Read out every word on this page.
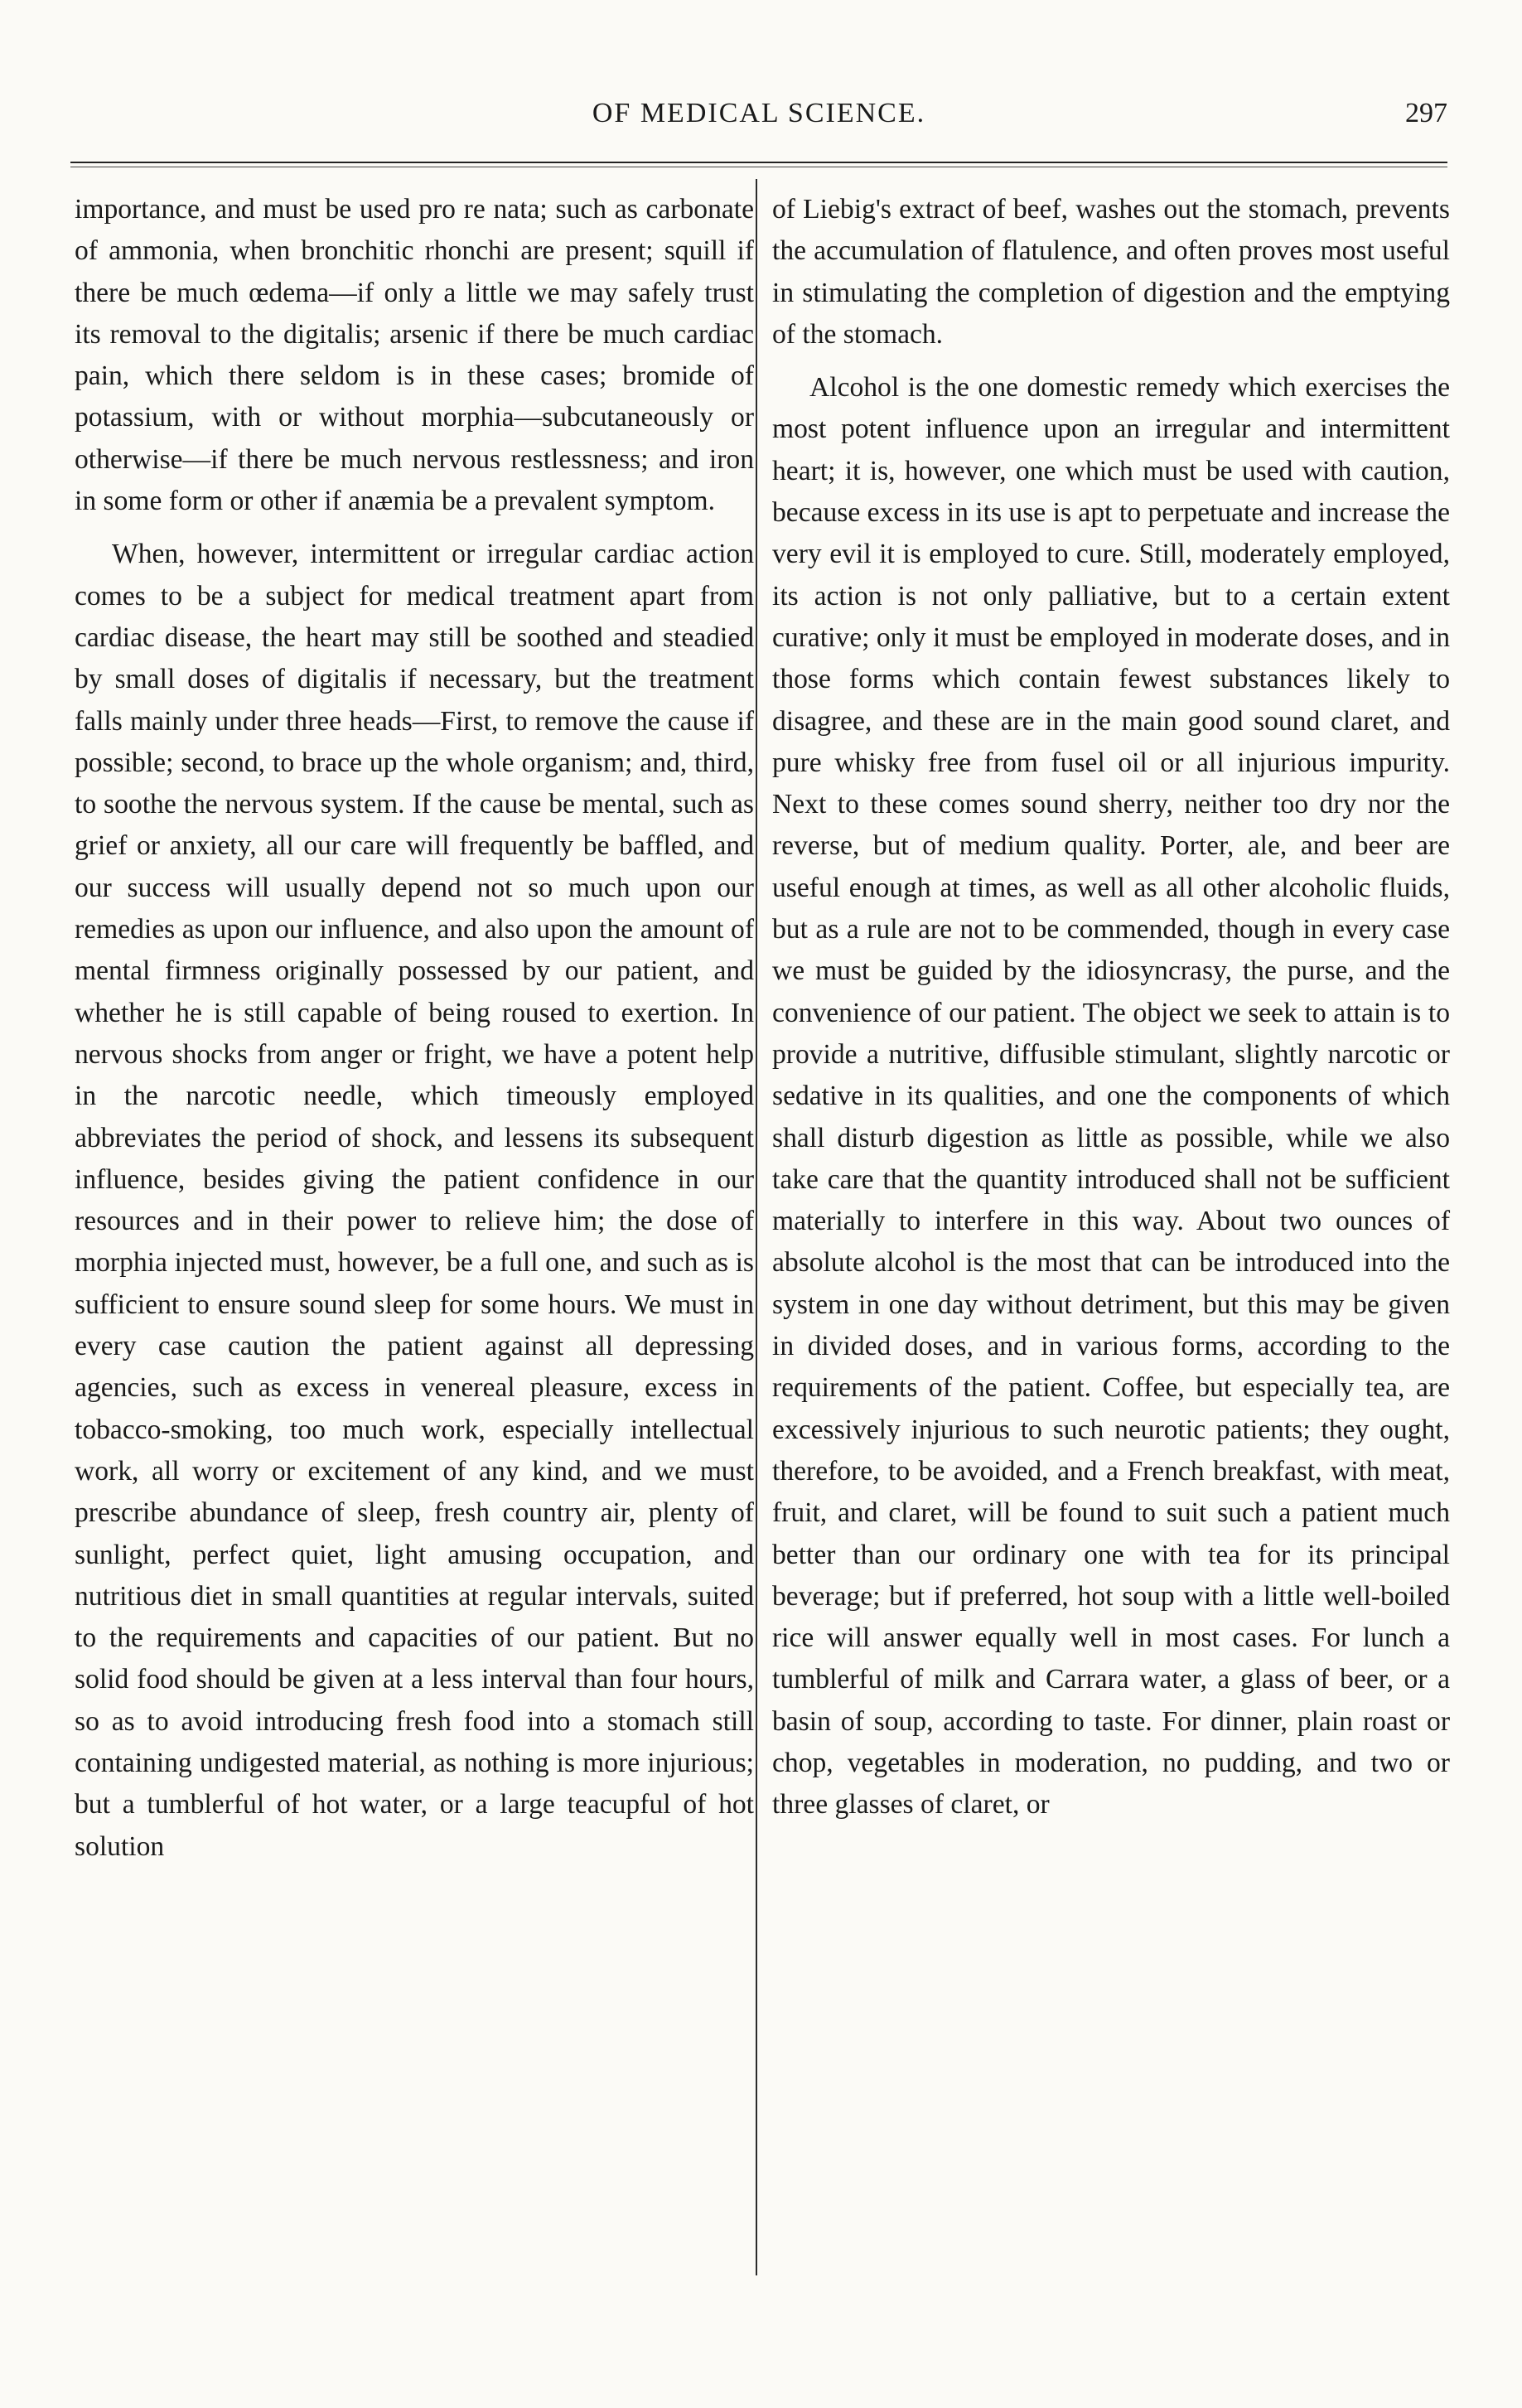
OF MEDICAL SCIENCE.	297

importance, and must be used pro re nata; such as carbonate of ammonia, when bronchitic rhonchi are present; squill if there be much œdema—if only a little we may safely trust its removal to the digitalis; arsenic if there be much cardiac pain, which there seldom is in these cases; bromide of potassium, with or without morphia—subcutaneously or otherwise—if there be much nervous restlessness; and iron in some form or other if anæmia be a prevalent symptom.

When, however, intermittent or irregular cardiac action comes to be a subject for medical treatment apart from cardiac disease, the heart may still be soothed and steadied by small doses of digitalis if necessary, but the treatment falls mainly under three heads—First, to remove the cause if possible; second, to brace up the whole organism; and, third, to soothe the nervous system. If the cause be mental, such as grief or anxiety, all our care will frequently be baffled, and our success will usually depend not so much upon our remedies as upon our influence, and also upon the amount of mental firmness originally possessed by our patient, and whether he is still capable of being roused to exertion. In nervous shocks from anger or fright, we have a potent help in the narcotic needle, which timeously employed abbreviates the period of shock, and lessens its subsequent influence, besides giving the patient confidence in our resources and in their power to relieve him; the dose of morphia injected must, however, be a full one, and such as is sufficient to ensure sound sleep for some hours. We must in every case caution the patient against all depressing agencies, such as excess in venereal pleasure, excess in tobacco-smoking, too much work, especially intellectual work, all worry or excitement of any kind, and we must prescribe abundance of sleep, fresh country air, plenty of sunlight, perfect quiet, light amusing occupation, and nutritious diet in small quantities at regular intervals, suited to the requirements and capacities of our patient. But no solid food should be given at a less interval than four hours, so as to avoid introducing fresh food into a stomach still containing undigested material, as nothing is more injurious; but a tumblerful of hot water, or a large teacupful of hot solution

of Liebig's extract of beef, washes out the stomach, prevents the accumulation of flatulence, and often proves most useful in stimulating the completion of digestion and the emptying of the stomach.

Alcohol is the one domestic remedy which exercises the most potent influence upon an irregular and intermittent heart; it is, however, one which must be used with caution, because excess in its use is apt to perpetuate and increase the very evil it is employed to cure. Still, moderately employed, its action is not only palliative, but to a certain extent curative; only it must be employed in moderate doses, and in those forms which contain fewest substances likely to disagree, and these are in the main good sound claret, and pure whisky free from fusel oil or all injurious impurity. Next to these comes sound sherry, neither too dry nor the reverse, but of medium quality. Porter, ale, and beer are useful enough at times, as well as all other alcoholic fluids, but as a rule are not to be commended, though in every case we must be guided by the idiosyncrasy, the purse, and the convenience of our patient. The object we seek to attain is to provide a nutritive, diffusible stimulant, slightly narcotic or sedative in its qualities, and one the components of which shall disturb digestion as little as possible, while we also take care that the quantity introduced shall not be sufficient materially to interfere in this way. About two ounces of absolute alcohol is the most that can be introduced into the system in one day without detriment, but this may be given in divided doses, and in various forms, according to the requirements of the patient. Coffee, but especially tea, are excessively injurious to such neurotic patients; they ought, therefore, to be avoided, and a French breakfast, with meat, fruit, and claret, will be found to suit such a patient much better than our ordinary one with tea for its principal beverage; but if preferred, hot soup with a little well-boiled rice will answer equally well in most cases. For lunch a tumblerful of milk and Carrara water, a glass of beer, or a basin of soup, according to taste. For dinner, plain roast or chop, vegetables in moderation, no pudding, and two or three glasses of claret, or
